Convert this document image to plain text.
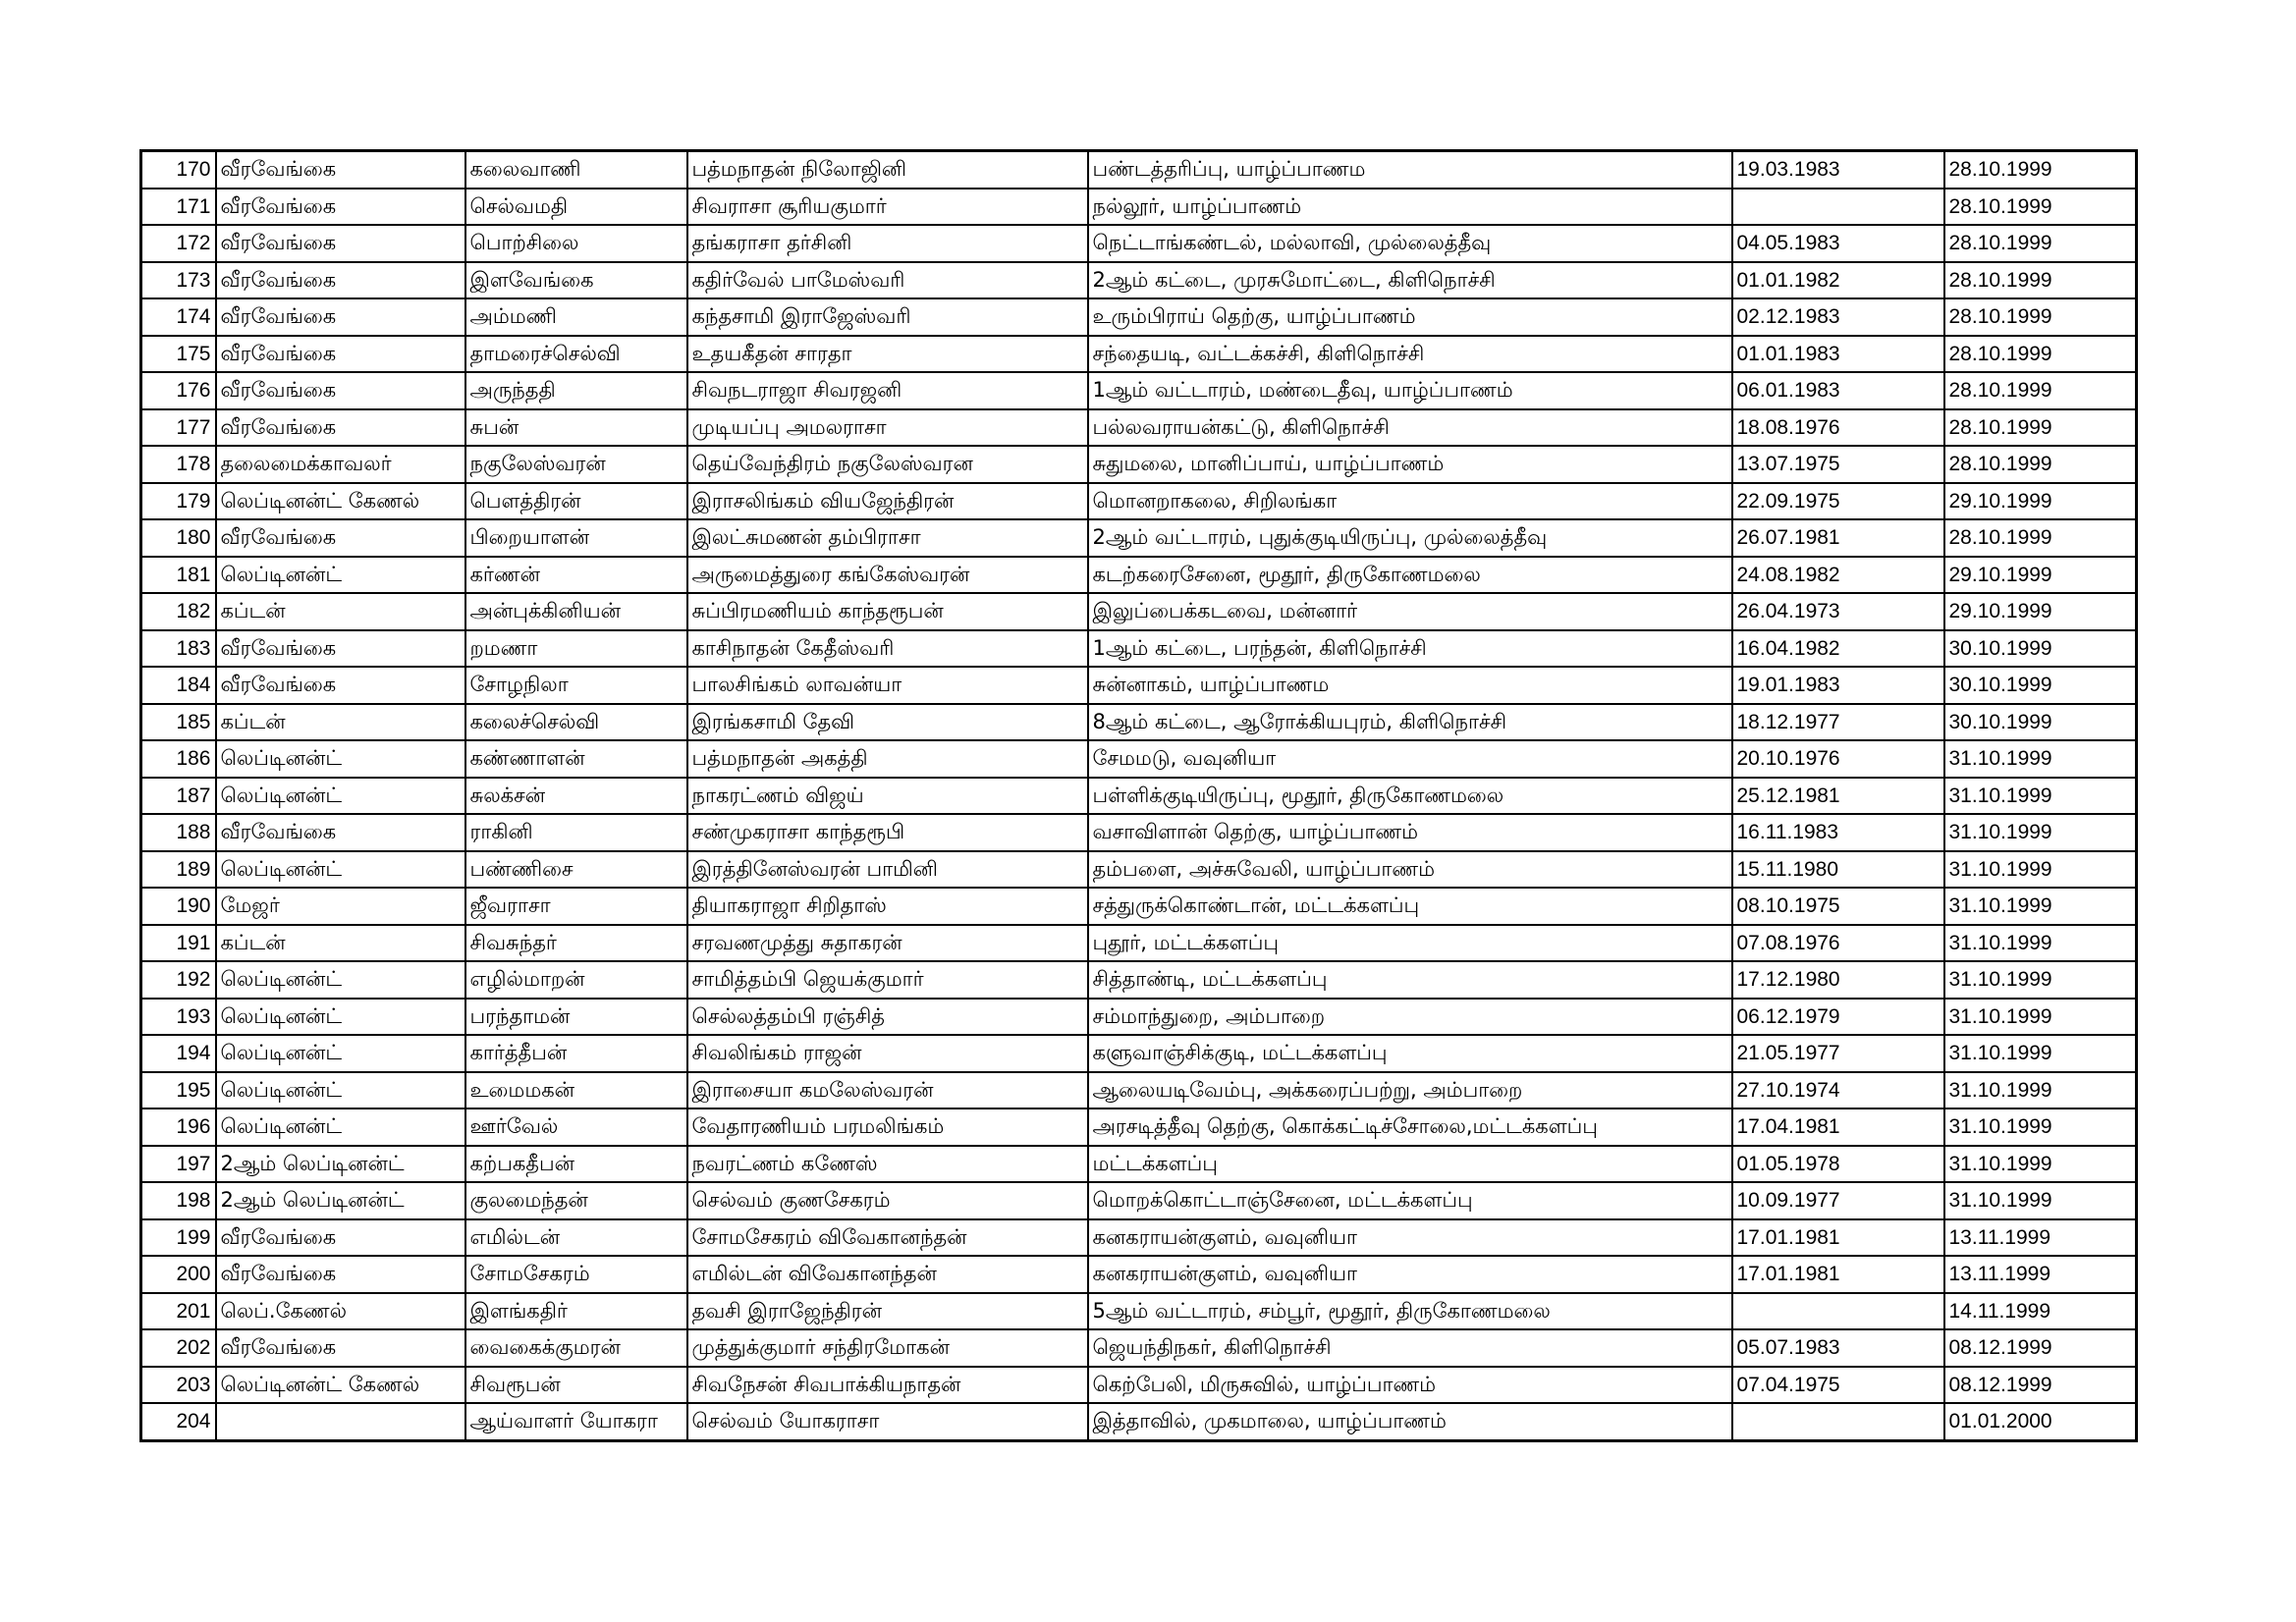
170	வீரவேங்கை	கலைவாணி	பத்மநாதன் நிலோஜினி	பண்டத்தரிப்பு, யாழ்ப்பாணம	19.03.1983	28.10.1999
171	வீரவேங்கை	செல்வமதி	சிவராசா சூரியகுமார்	நல்லூர், யாழ்ப்பாணம்		28.10.1999
172	வீரவேங்கை	பொற்சிலை	தங்கராசா தர்சினி	நெட்டாங்கண்டல், மல்லாவி, முல்லைத்தீவு	04.05.1983	28.10.1999
173	வீரவேங்கை	இளவேங்கை	கதிர்வேல் பாமேஸ்வரி	2ஆம் கட்டை, முரசுமோட்டை, கிளிநொச்சி	01.01.1982	28.10.1999
174	வீரவேங்கை	அம்மணி	கந்தசாமி இராஜேஸ்வரி	உரும்பிராய் தெற்கு, யாழ்ப்பாணம்	02.12.1983	28.10.1999
175	வீரவேங்கை	தாமரைச்செல்வி	உதயகீதன் சாரதா	சந்தையடி, வட்டக்கச்சி, கிளிநொச்சி	01.01.1983	28.10.1999
176	வீரவேங்கை	அருந்ததி	சிவநடராஜா சிவரஜனி	1ஆம் வட்டாரம், மண்டைதீவு, யாழ்ப்பாணம்	06.01.1983	28.10.1999
177	வீரவேங்கை	சுபன்	முடியப்பு அமலராசா	பல்லவராயன்கட்டு, கிளிநொச்சி	18.08.1976	28.10.1999
178	தலைமைக்காவலர்	நகுலேஸ்வரன்	தெய்வேந்திரம் நகுலேஸ்வரன	சுதுமலை, மானிப்பாய், யாழ்ப்பாணம்	13.07.1975	28.10.1999
179	லெப்டினன்ட் கேணல்	பெளத்திரன்	இராசலிங்கம் வியஜேந்திரன்	மொனறாகலை, சிறிலங்கா	22.09.1975	29.10.1999
180	வீரவேங்கை	பிறையாளன்	இலட்சுமணன் தம்பிராசா	2ஆம் வட்டாரம், புதுக்குடியிருப்பு, முல்லைத்தீவு	26.07.1981	28.10.1999
181	லெப்டினன்ட்	கர்ணன்	அருமைத்துரை கங்கேஸ்வரன்	கடற்கரைசேனை, மூதூர், திருகோணமலை	24.08.1982	29.10.1999
182	கப்டன்	அன்புக்கினியன்	சுப்பிரமணியம் காந்தரூபன்	இலுப்பைக்கடவை, மன்னார்	26.04.1973	29.10.1999
183	வீரவேங்கை	றமணா	காசிநாதன் கேதீஸ்வரி	1ஆம் கட்டை, பரந்தன், கிளிநொச்சி	16.04.1982	30.10.1999
184	வீரவேங்கை	சோழநிலா	பாலசிங்கம் லாவன்யா	சுன்னாகம், யாழ்ப்பாணம	19.01.1983	30.10.1999
185	கப்டன்	கலைச்செல்வி	இரங்கசாமி தேவி	8ஆம் கட்டை, ஆரோக்கியபுரம், கிளிநொச்சி	18.12.1977	30.10.1999
186	லெப்டினன்ட்	கண்ணாளன்	பத்மநாதன் அகத்தி	சேமமடு, வவுனியா	20.10.1976	31.10.1999
187	லெப்டினன்ட்	சுலக்சன்	நாகரட்ணம் விஜய்	பள்ளிக்குடியிருப்பு, மூதூர், திருகோணமலை	25.12.1981	31.10.1999
188	வீரவேங்கை	ராகினி	சண்முகராசா காந்தரூபி	வசாவிளான் தெற்கு, யாழ்ப்பாணம்	16.11.1983	31.10.1999
189	லெப்டினன்ட்	பண்ணிசை	இரத்தினேஸ்வரன் பாமினி	தம்பளை, அச்சுவேலி, யாழ்ப்பாணம்	15.11.1980	31.10.1999
190	மேஜர்	ஜீவராசா	தியாகராஜா சிறிதாஸ்	சத்துருக்கொண்டான், மட்டக்களப்பு	08.10.1975	31.10.1999
191	கப்டன்	சிவசுந்தர்	சரவணமுத்து சுதாகரன்	புதூர், மட்டக்களப்பு	07.08.1976	31.10.1999
192	லெப்டினன்ட்	எழில்மாறன்	சாமித்தம்பி ஜெயக்குமார்	சித்தாண்டி, மட்டக்களப்பு	17.12.1980	31.10.1999
193	லெப்டினன்ட்	பரந்தாமன்	செல்லத்தம்பி ரஞ்சித்	சம்மாந்துறை, அம்பாறை	06.12.1979	31.10.1999
194	லெப்டினன்ட்	கார்த்தீபன்	சிவலிங்கம் ராஜன்	களுவாஞ்சிக்குடி, மட்டக்களப்பு	21.05.1977	31.10.1999
195	லெப்டினன்ட்	உமைமகன்	இராசையா கமலேஸ்வரன்	ஆலையடிவேம்பு, அக்கரைப்பற்று, அம்பாறை	27.10.1974	31.10.1999
196	லெப்டினன்ட்	ஊர்வேல்	வேதாரணியம் பரமலிங்கம்	அரசடித்தீவு தெற்கு, கொக்கட்டிச்சோலை,மட்டக்களப்பு	17.04.1981	31.10.1999
197	2ஆம் லெப்டினன்ட்	கற்பகதீபன்	நவரட்ணம் கணேஸ்	மட்டக்களப்பு	01.05.1978	31.10.1999
198	2ஆம் லெப்டினன்ட்	குலமைந்தன்	செல்வம் குணசேகரம்	மொறக்கொட்டாஞ்சேனை, மட்டக்களப்பு	10.09.1977	31.10.1999
199	வீரவேங்கை	எமில்டன்	சோமசேகரம் விவேகானந்தன்	கனகராயன்குளம், வவுனியா	17.01.1981	13.11.1999
200	வீரவேங்கை	சோமசேகரம்	எமில்டன் விவேகானந்தன்	கனகராயன்குளம், வவுனியா	17.01.1981	13.11.1999
201	லெப்.கேணல்	இளங்கதிர்	தவசி இராஜேந்திரன்	5ஆம் வட்டாரம், சம்பூர், மூதூர், திருகோணமலை		14.11.1999
202	வீரவேங்கை	வைகைக்குமரன்	முத்துக்குமார் சந்திரமோகன்	ஜெயந்திநகர், கிளிநொச்சி	05.07.1983	08.12.1999
203	லெப்டினன்ட் கேணல்	சிவரூபன்	சிவநேசன் சிவபாக்கியநாதன்	கெற்பேலி, மிருசுவில், யாழ்ப்பாணம்	07.04.1975	08.12.1999
204		ஆய்வாளர் யோகரா	செல்வம் யோகராசா	இத்தாவில், முகமாலை, யாழ்ப்பாணம்		01.01.2000
